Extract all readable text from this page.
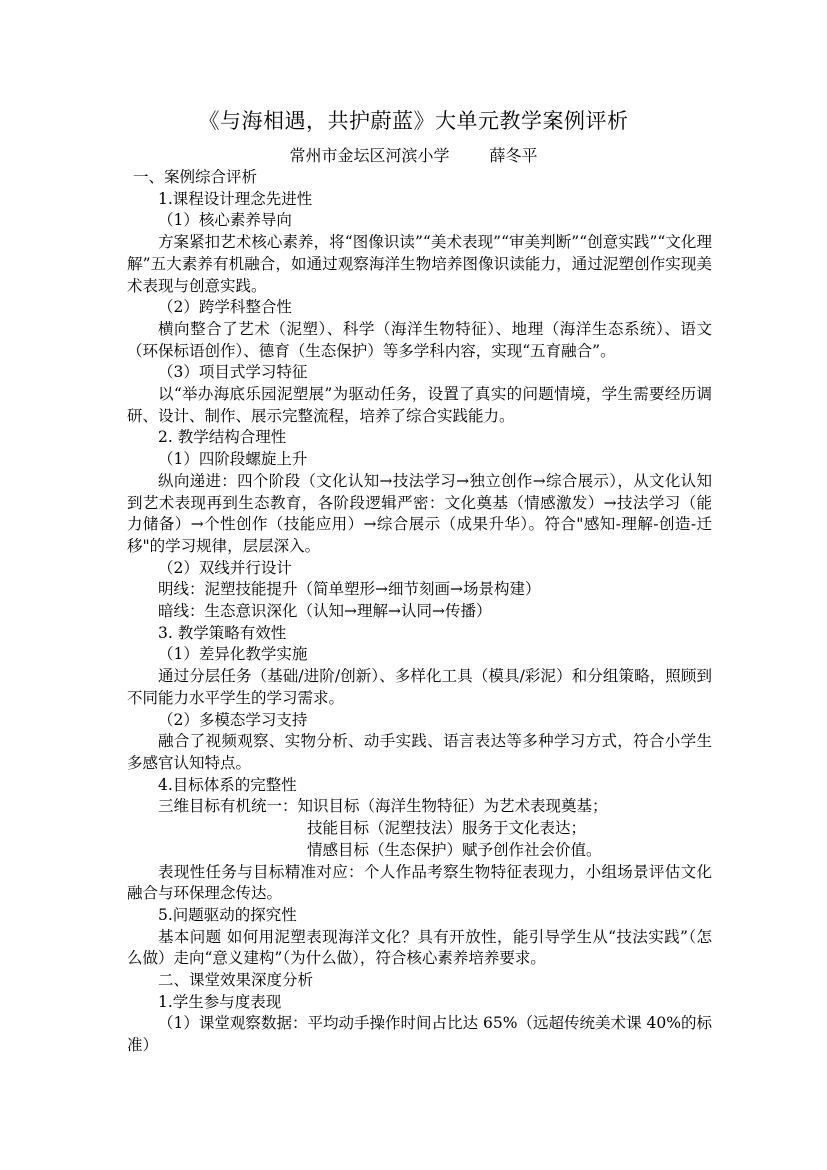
《与海相遇，共护蔚蓝》大单元教学案例评析
常州市金坛区河滨小学	薛冬平

一、案例综合评析

1.课程设计理念先进性

（1）核心素养导向

方案紧扣艺术核心素养，将“图像识读”“美术表现”“审美判断”“创意实践”“文化理解”五大素养有机融合，如通过观察海洋生物培养图像识读能力，通过泥塑创作实现美术表现与创意实践。

（2）跨学科整合性

横向整合了艺术（泥塑）、科学（海洋生物特征）、地理（海洋生态系统）、语文（环保标语创作）、德育（生态保护）等多学科内容，实现“五育融合”。

（3）项目式学习特征

以“举办海底乐园泥塑展”为驱动任务，设置了真实的问题情境，学生需要经历调研、设计、制作、展示完整流程，培养了综合实践能力。

2. 教学结构合理性

（1）四阶段螺旋上升

纵向递进：四个阶段（文化认知→技法学习→独立创作→综合展示），从文化认知到艺术表现再到生态教育，各阶段逻辑严密：文化奠基（情感激发）→技法学习（能力储备）→个性创作（技能应用）→综合展示（成果升华）。符合"感知-理解-创造-迁移"的学习规律，层层深入。

（2）双线并行设计

明线：泥塑技能提升（简单塑形→细节刻画→场景构建）

暗线：生态意识深化（认知→理解→认同→传播）

3. 教学策略有效性

（1）差异化教学实施

通过分层任务（基础/进阶/创新）、多样化工具（模具/彩泥）和分组策略，照顾到不同能力水平学生的学习需求。

（2）多模态学习支持

融合了视频观察、实物分析、动手实践、语言表达等多种学习方式，符合小学生多感官认知特点。

4.目标体系的完整性

三维目标有机统一：知识目标（海洋生物特征）为艺术表现奠基；

技能目标（泥塑技法）服务于文化表达；

情感目标（生态保护）赋予创作社会价值。

表现性任务与目标精准对应：个人作品考察生物特征表现力，小组场景评估文化融合与环保理念传达。

5.问题驱动的探究性

基本问题 如何用泥塑表现海洋文化？具有开放性，能引导学生从“技法实践”（怎么做）走向“意义建构”（为什么做），符合核心素养培养要求。

二、课堂效果深度分析

1.学生参与度表现

（1）课堂观察数据：平均动手操作时间占比达 65%（远超传统美术课 40%的标准）
